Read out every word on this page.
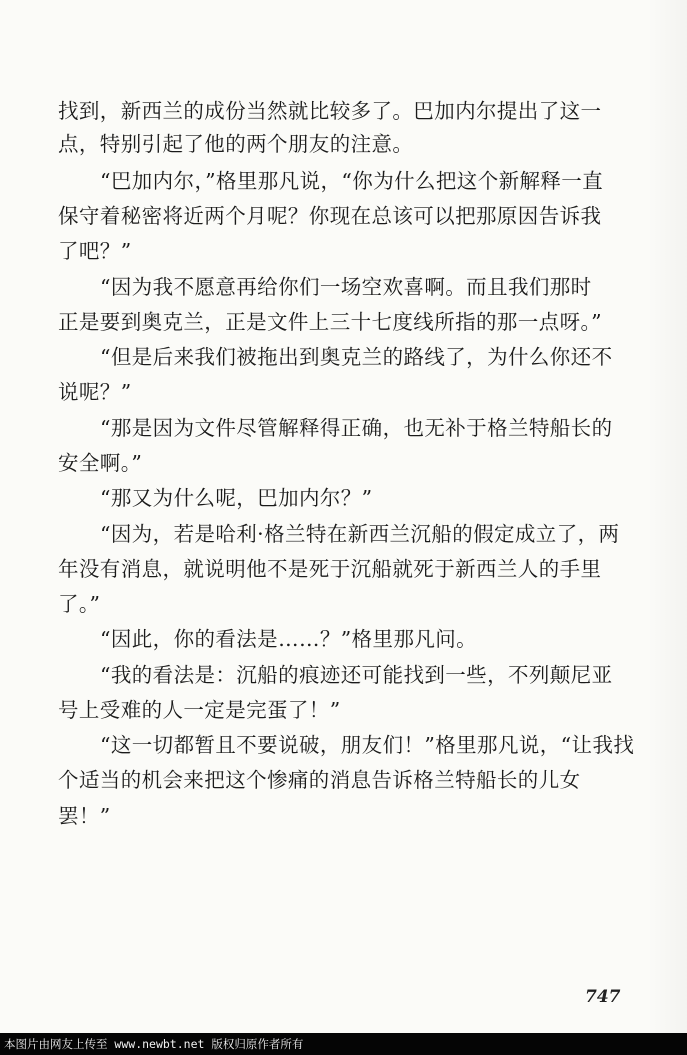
找到，新西兰的成份当然就比较多了。巴加内尔提出了这一
点，特别引起了他的两个朋友的注意。
“巴加内尔，”格里那凡说，“你为什么把这个新解释一直
保守着秘密将近两个月呢？你现在总该可以把那原因告诉我
了吧？”
“因为我不愿意再给你们一场空欢喜啊。而且我们那时
正是要到奥克兰，正是文件上三十七度线所指的那一点呀。”
“但是后来我们被拖出到奥克兰的路线了，为什么你还不
说呢？”
“那是因为文件尽管解释得正确，也无补于格兰特船长的
安全啊。”
“那又为什么呢，巴加内尔？”
“因为，若是哈利·格兰特在新西兰沉船的假定成立了，两
年没有消息，就说明他不是死于沉船就死于新西兰人的手里
了。”
“因此，你的看法是……？”格里那凡问。
“我的看法是：沉船的痕迹还可能找到一些，不列颠尼亚
号上受难的人一定是完蛋了！”
“这一切都暂且不要说破，朋友们！”格里那凡说，“让我找
个适当的机会来把这个惨痛的消息告诉格兰特船长的儿女
罢！”
747
本图片由网友上传至 www.newbt.net 版权归原作者所有
